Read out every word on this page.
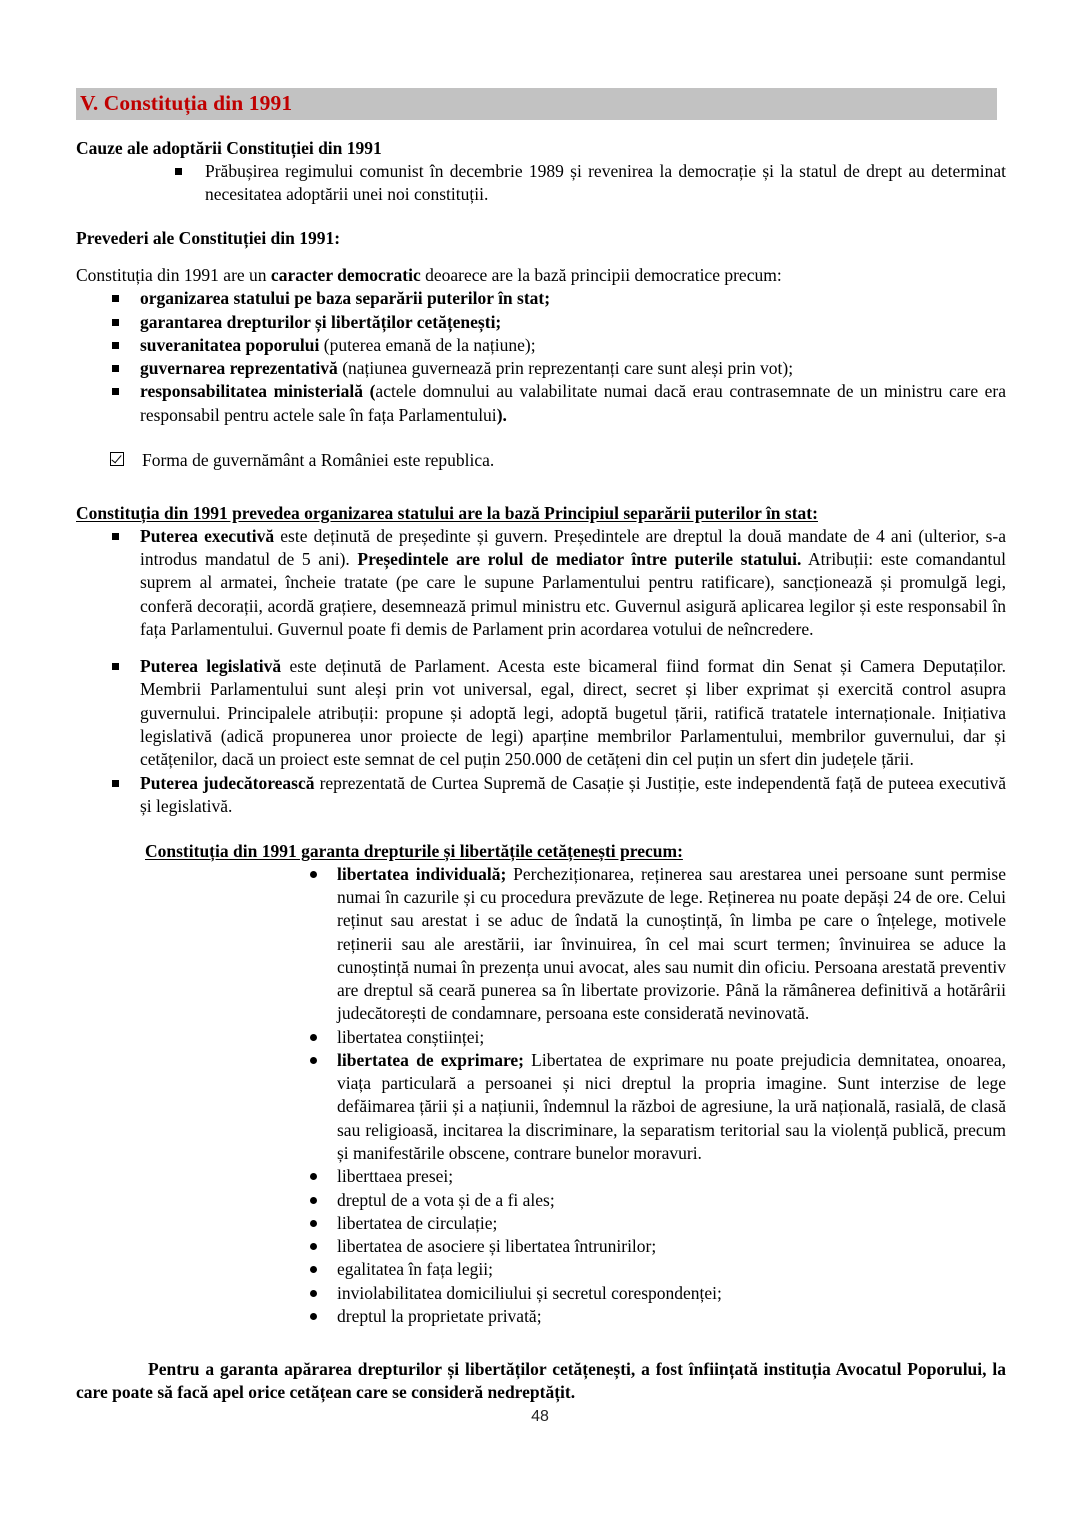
V. Constituția din 1991
Cauze ale adoptării Constituției din 1991
Prăbușirea regimului comunist în decembrie 1989 și revenirea la democrație și la statul de drept au determinat necesitatea adoptării unei noi constituții.
Prevederi ale Constituției din 1991:
Constituția din 1991 are un caracter democratic deoarece are la bază principii democratice precum:
organizarea statului pe baza separării puterilor în stat;
garantarea drepturilor și libertăților cetățenești;
suveranitatea poporului (puterea emană de la națiune);
guvernarea reprezentativă (națiunea guvernează prin reprezentanți care sunt aleși prin vot);
responsabilitatea ministerială (actele domnului au valabilitate numai dacă erau contrasemnate de un ministru care era responsabil pentru actele sale în fața Parlamentului).
Forma de guvernământ a României este republica.
Constituția din 1991 prevedea organizarea statului are la bază Principiul separării puterilor în stat:
Puterea executivă este deținută de președinte și guvern. Președintele are dreptul la două mandate de 4 ani (ulterior, s-a introdus mandatul de 5 ani). Președintele are rolul de mediator între puterile statului. Atribuții: este comandantul suprem al armatei, încheie tratate (pe care le supune Parlamentului pentru ratificare), sancționează și promulgă legi, conferă decorații, acordă grațiere, desemnează primul ministru etc. Guvernul asigură aplicarea legilor și este responsabil în fața Parlamentului. Guvernul poate fi demis de Parlament prin acordarea votului de neîncredere.
Puterea legislativă este deținută de Parlament. Acesta este bicameral fiind format din Senat și Camera Deputaților. Membrii Parlamentului sunt aleși prin vot universal, egal, direct, secret și liber exprimat și exercită control asupra guvernului. Principalele atribuții: propune și adoptă legi, adoptă bugetul țării, ratifică tratatele internaționale. Inițiativa legislativă (adică propunerea unor proiecte de legi) aparține membrilor Parlamentului, membrilor guvernului, dar și cetățenilor, dacă un proiect este semnat de cel puțin 250.000 de cetățeni din cel puțin un sfert din județele țării.
Puterea judecătorească reprezentată de Curtea Supremă de Casație și Justiție, este independentă față de puteea executivă și legislativă.
Constituția din 1991 garanta drepturile și libertățile cetățenești precum:
libertatea individuală; Percheziționarea, reținerea sau arestarea unei persoane sunt permise numai în cazurile și cu procedura prevăzute de lege. Reținerea nu poate depăși 24 de ore. Celui reținut sau arestat i se aduc de îndată la cunoștință, în limba pe care o înțelege, motivele reținerii sau ale arestării, iar învinuirea, în cel mai scurt termen; învinuirea se aduce la cunoștință numai în prezența unui avocat, ales sau numit din oficiu. Persoana arestată preventiv are dreptul să ceară punerea sa în libertate provizorie. Până la rămânerea definitivă a hotărârii judecătorești de condamnare, persoana este considerată nevinovată.
libertatea conștiinței;
libertatea de exprimare; Libertatea de exprimare nu poate prejudicia demnitatea, onoarea, viața particulară a persoanei și nici dreptul la propria imagine. Sunt interzise de lege defăimarea țării și a națiunii, îndemnul la război de agresiune, la ură națională, rasială, de clasă sau religioasă, incitarea la discriminare, la separatism teritorial sau la violență publică, precum și manifestările obscene, contrare bunelor moravuri.
liberttaea presei;
dreptul de a vota și de a fi ales;
libertatea de circulație;
libertatea de asociere și libertatea întrunirilor;
egalitatea în fața legii;
inviolabilitatea domiciliului și secretul corespondenței;
dreptul la proprietate privată;
Pentru a garanta apărarea drepturilor și libertăților cetățenești, a fost înființată instituția Avocatul Poporului, la care poate să facă apel orice cetățean care se consideră nedreptățit.
48
